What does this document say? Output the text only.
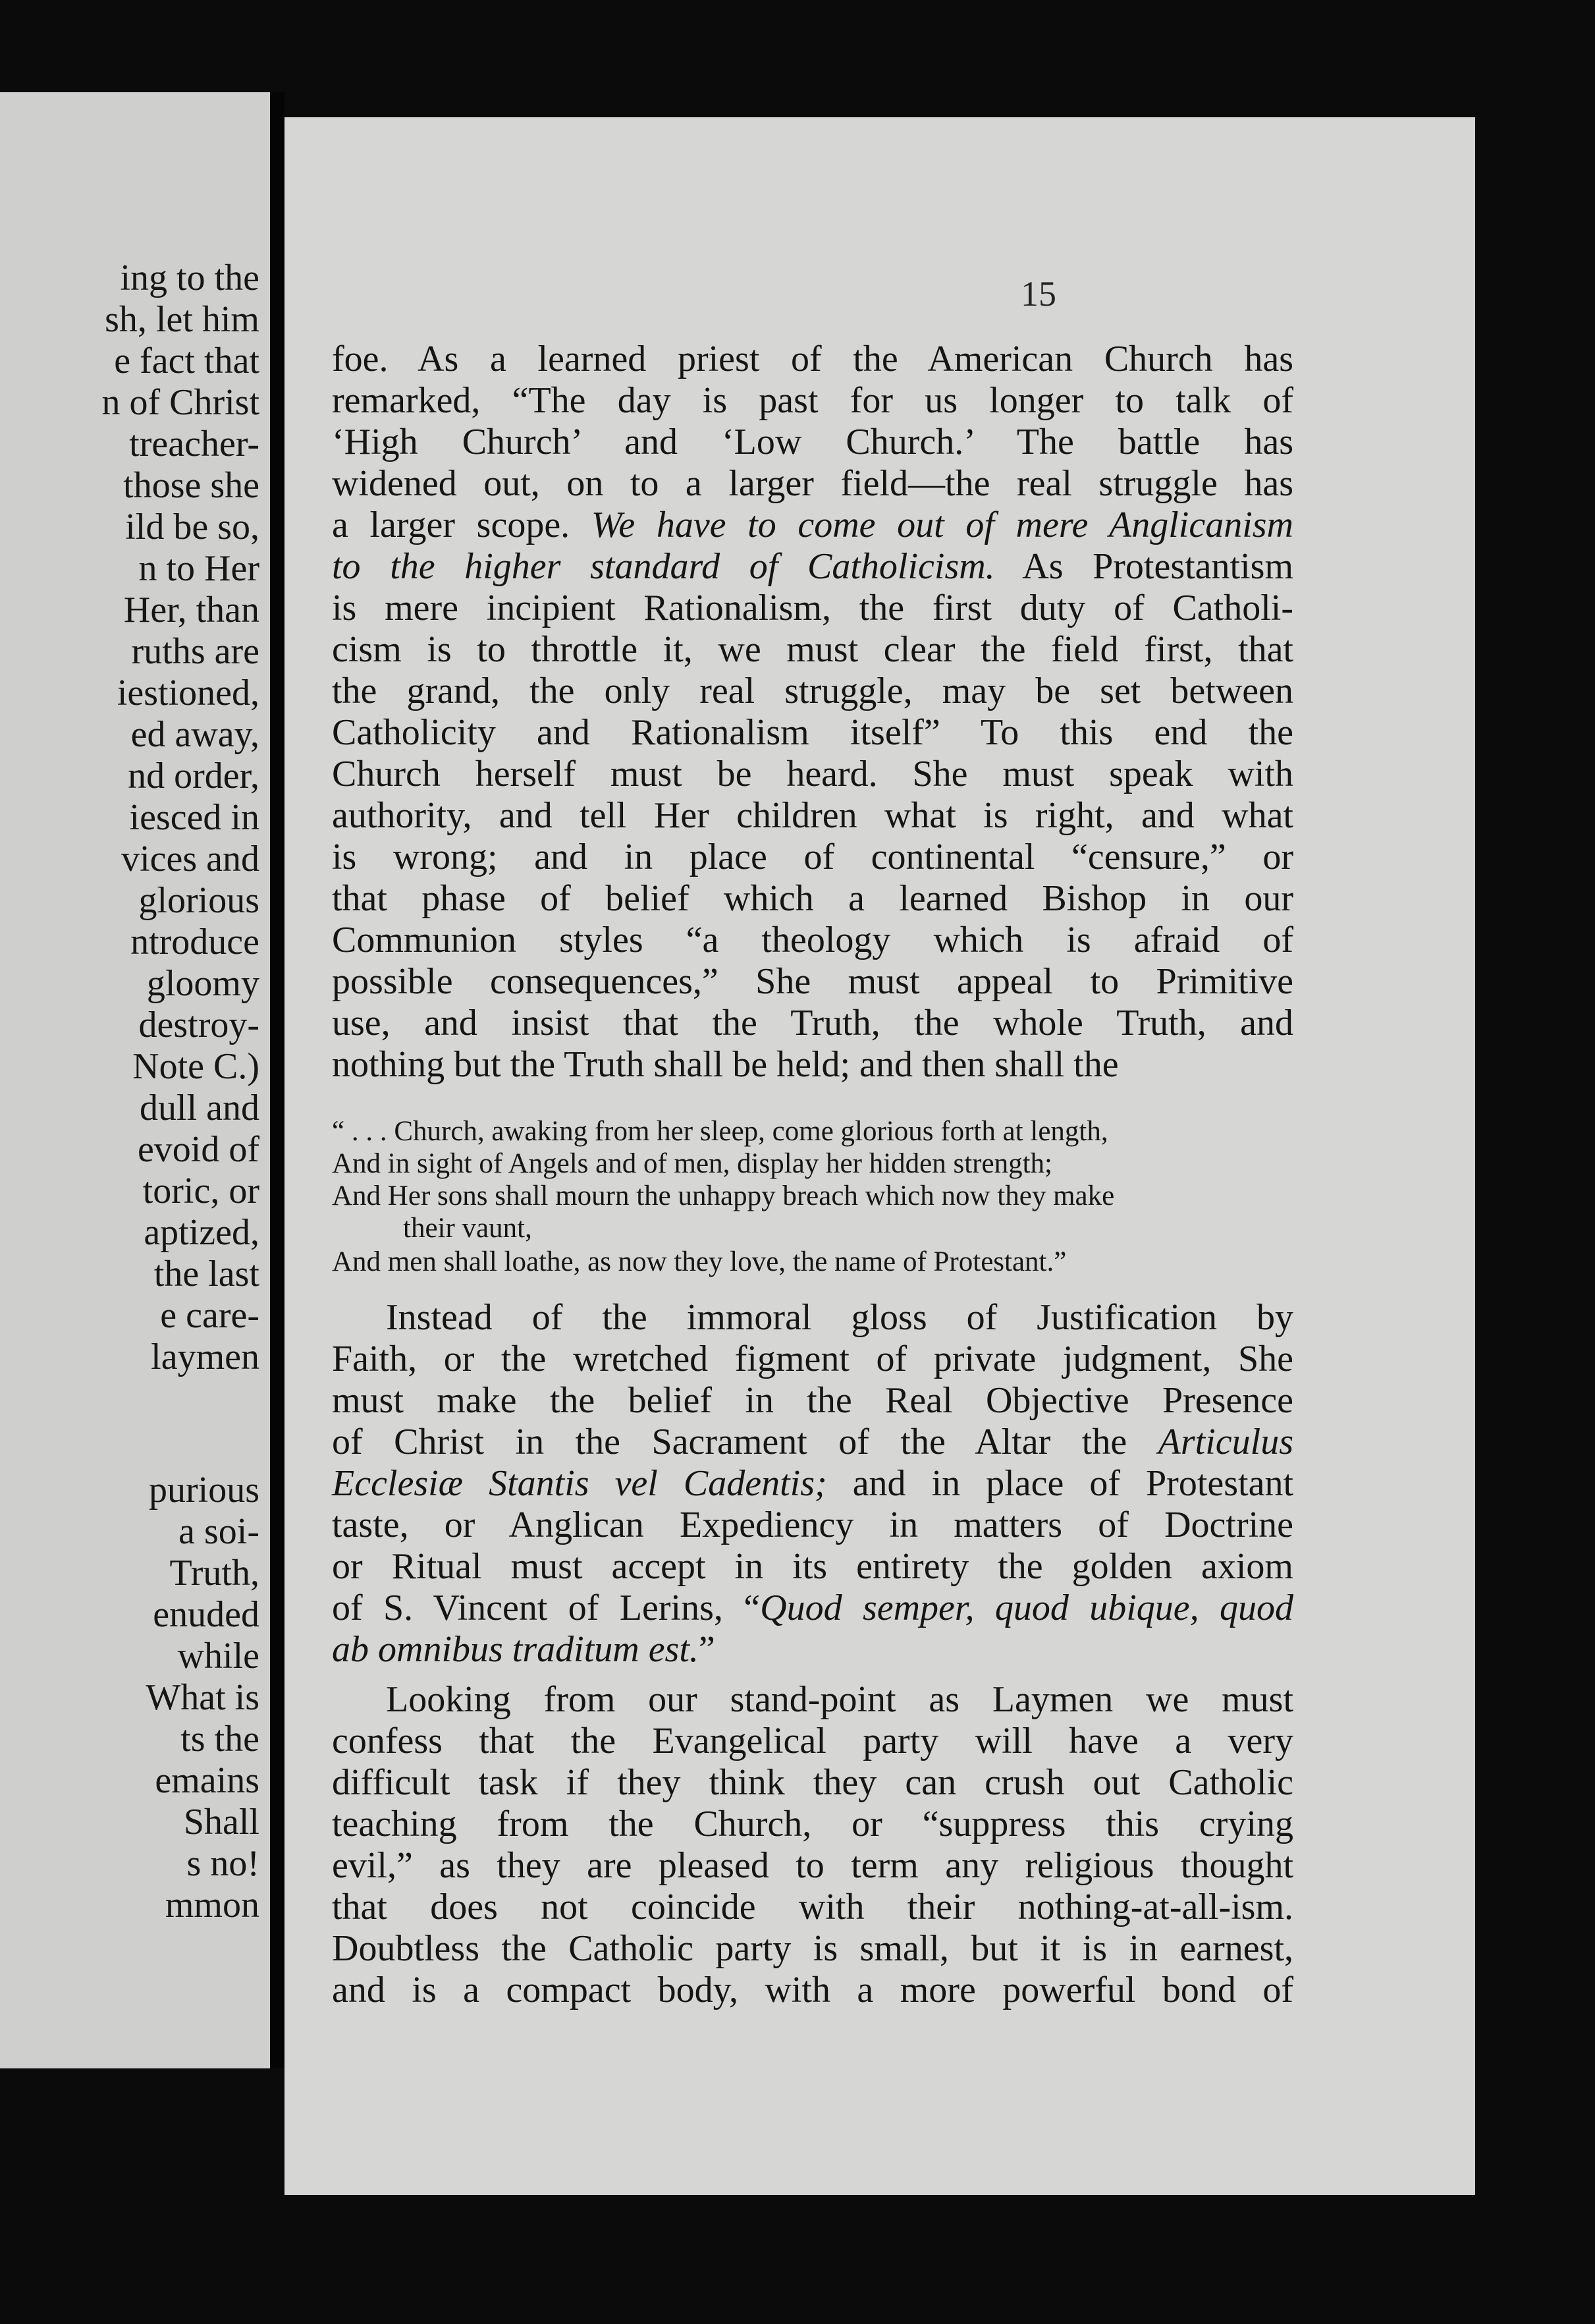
ing to the
sh, let him
e fact that
n of Christ
treacher-
those she
ild be so,
n to Her
Her, than
ruths are
iestioned,
ed away,
nd order,
iesced in
vices and
glorious
ntroduce
gloomy
destroy-
Note C.)
dull and
evoid of
toric, or
aptized,
the last
e care-
laymen
purious
a soi-
Truth,
enuded
while
What is
ts the
emains
Shall
s no!
mmon
15
foe. As a learned priest of the American Church has
remarked, “The day is past for us longer to talk of
‘High Church’ and ‘Low Church.’ The battle has
widened out, on to a larger field—the real struggle has
a larger scope. We have to come out of mere Anglicanism
to the higher standard of Catholicism. As Protestantism
is mere incipient Rationalism, the first duty of Catholi-
cism is to throttle it, we must clear the field first, that
the grand, the only real struggle, may be set between
Catholicity and Rationalism itself” To this end the
Church herself must be heard. She must speak with
authority, and tell Her children what is right, and what
is wrong; and in place of continental “censure,” or
that phase of belief which a learned Bishop in our
Communion styles “a theology which is afraid of
possible consequences,” She must appeal to Primitive
use, and insist that the Truth, the whole Truth, and
nothing but the Truth shall be held; and then shall the
“ . . . Church, awaking from her sleep, come glorious forth at length,
And in sight of Angels and of men, display her hidden strength;
And Her sons shall mourn the unhappy breach which now they make
their vaunt,
And men shall loathe, as now they love, the name of Protestant.”
Instead of the immoral gloss of Justification by
Faith, or the wretched figment of private judgment, She
must make the belief in the Real Objective Presence
of Christ in the Sacrament of the Altar the Articulus
Ecclesiæ Stantis vel Cadentis; and in place of Protestant
taste, or Anglican Expediency in matters of Doctrine
or Ritual must accept in its entirety the golden axiom
of S. Vincent of Lerins, “Quod semper, quod ubique, quod
ab omnibus traditum est.”
Looking from our stand-point as Laymen we must
confess that the Evangelical party will have a very
difficult task if they think they can crush out Catholic
teaching from the Church, or “suppress this crying
evil,” as they are pleased to term any religious thought
that does not coincide with their nothing-at-all-ism.
Doubtless the Catholic party is small, but it is in earnest,
and is a compact body, with a more powerful bond of
